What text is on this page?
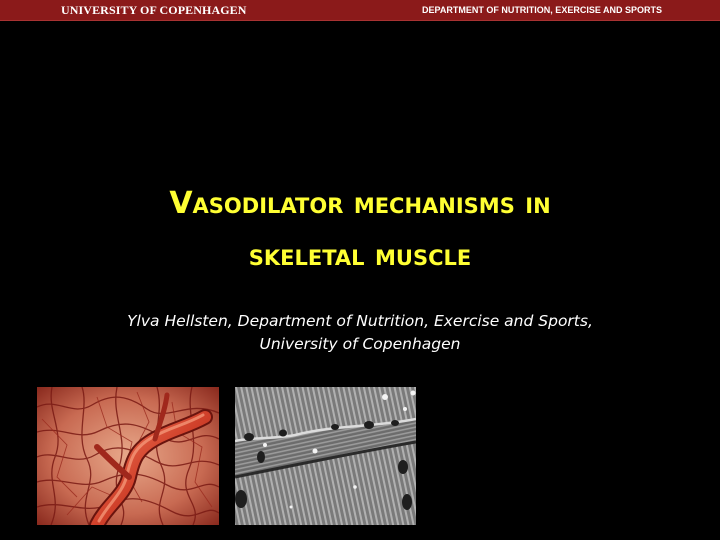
UNIVERSITY OF COPENHAGEN	DEPARTMENT OF NUTRITION, EXERCISE AND SPORTS
Vasodilator mechanisms in
skeletal muscle
Ylva Hellsten, Department of Nutrition, Exercise and Sports,
University of Copenhagen
